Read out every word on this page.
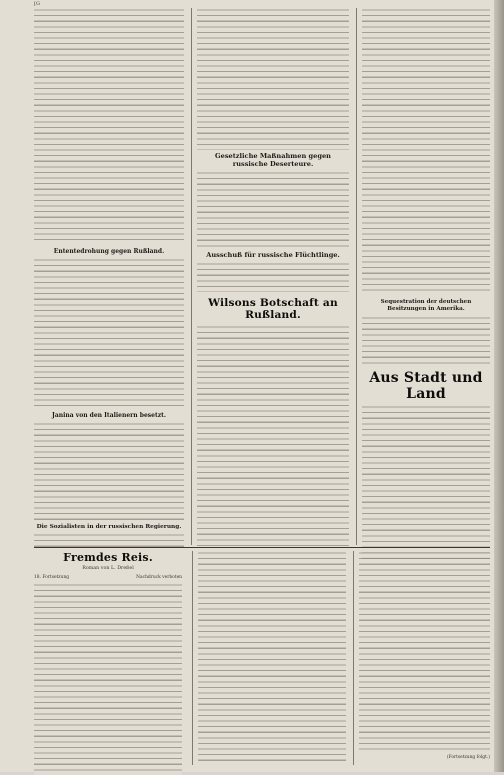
[G
Ententedrohung gegen Rußland.
Janina von den Italienern besetzt.
Die Sozialisten in der russischen Regierung.
Gesetzliche Maßnahmen gegen russische Deserteure.
Ausschuß für russische Flüchtlinge.
Wilsons Botschaft an Rußland.
Sequestration der deutschen Besitzungen in Amerika.
Aus Stadt und Land
Fremdes Reis.
Roman von L. Dreßel
18. Fortsetzung	Nachdruck verboten
(Fortsetzung folgt.)
